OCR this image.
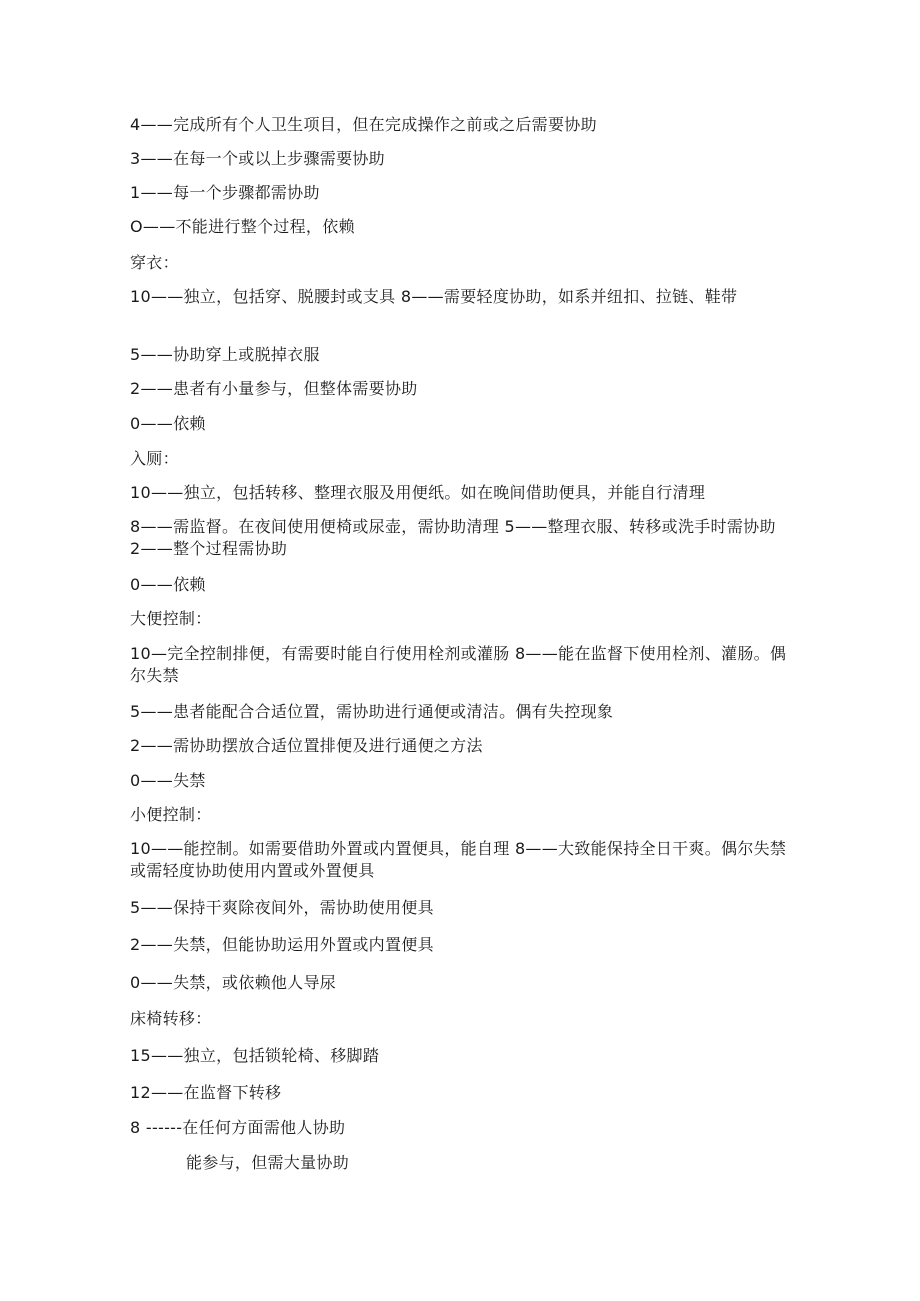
4——完成所有个人卫生项目，但在完成操作之前或之后需要协助
3——在每一个或以上步骤需要协助
1——每一个步骤都需协助
O——不能进行整个过程，依赖
穿衣：
10——独立，包括穿、脱腰封或支具 8——需要轻度协助，如系并纽扣、拉链、鞋带
5——协助穿上或脱掉衣服
2——患者有小量参与，但整体需要协助
0——依赖
入厕：
10——独立，包括转移、整理衣服及用便纸。如在晚间借助便具，并能自行清理
8——需监督。在夜间使用便椅或尿壶，需协助清理 5——整理衣服、转移或洗手时需协助 2——整个过程需协助
0——依赖
大便控制：
10—完全控制排便，有需要时能自行使用栓剂或灌肠 8——能在监督下使用栓剂、灌肠。偶尔失禁
5——患者能配合合适位置，需协助进行通便或清洁。偶有失控现象
2——需协助摆放合适位置排便及进行通便之方法
0——失禁
小便控制：
10——能控制。如需要借助外置或内置便具，能自理 8——大致能保持全日干爽。偶尔失禁或需轻度协助使用内置或外置便具
5——保持干爽除夜间外，需协助使用便具
2——失禁，但能协助运用外置或内置便具
0——失禁，或依赖他人导尿
床椅转移：
15——独立，包括锁轮椅、移脚踏
12——在监督下转移
8 ------在任何方面需他人协助
能参与，但需大量协助
